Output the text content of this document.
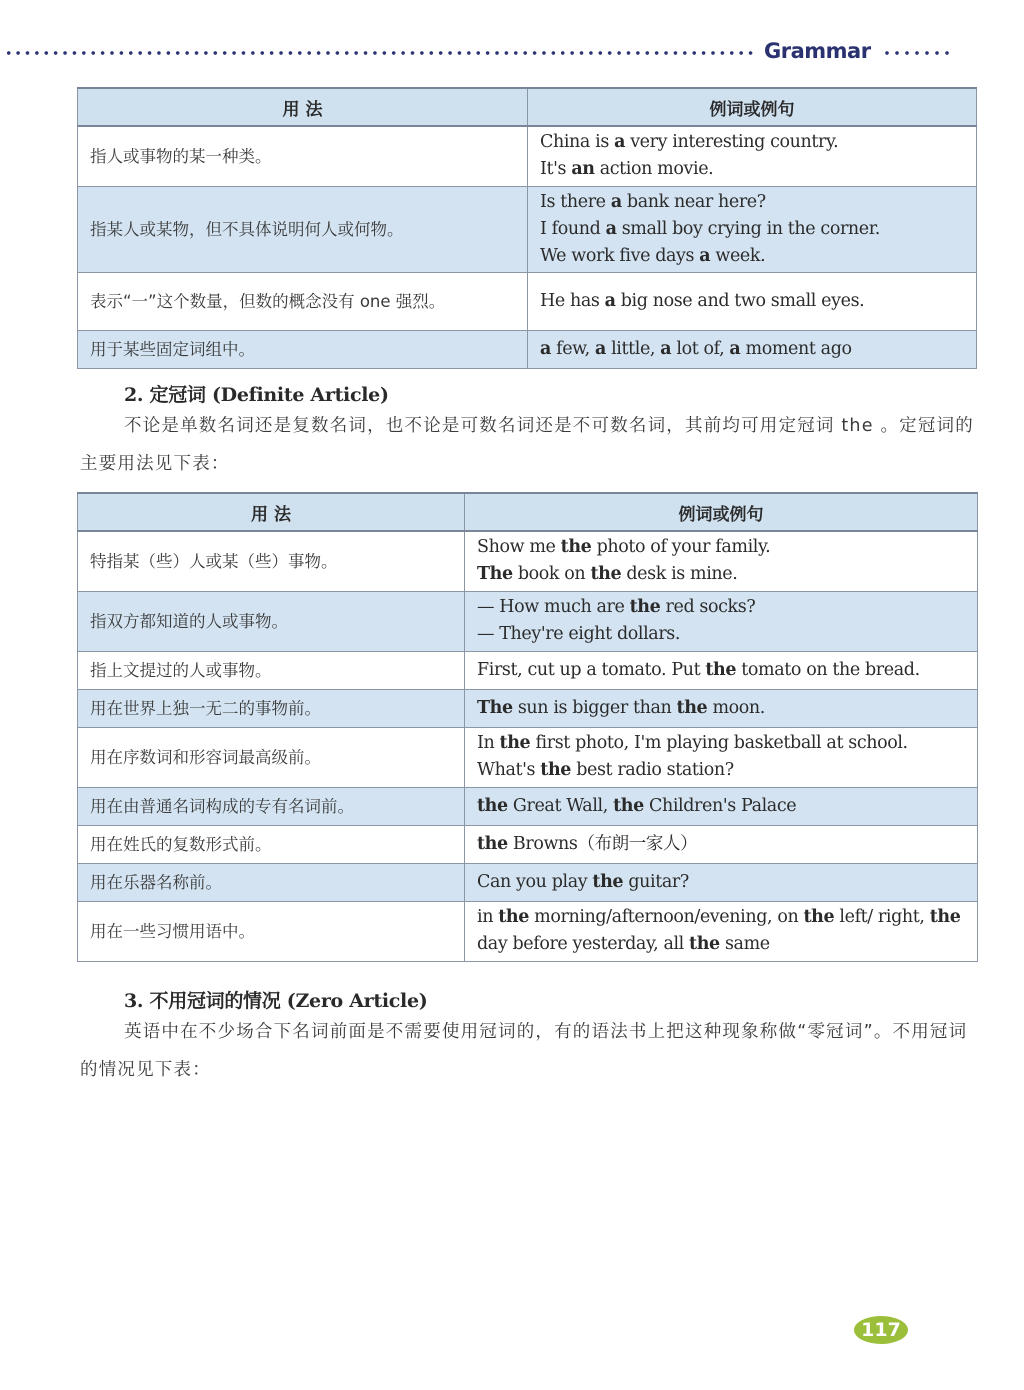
Grammar
用 法	例词或例句
指人或事物的某一种类。	China is a very interesting country.
It's an action movie.

指某人或某物，但不具体说明何人或何物。	Is there a bank near here?
I found a small boy crying in the corner.
We work five days a week.

表示“一”这个数量，但数的概念没有 one 强烈。	He has a big nose and two small eyes.

用于某些固定词组中。	a few, a little, a lot of, a moment ago
2. 定冠词 (Definite Article)
不论是单数名词还是复数名词，也不论是可数名词还是不可数名词，其前均可用定冠词 the 。定冠词的主要用法见下表：
用 法	例词或例句
特指某（些）人或某（些）事物。	Show me the photo of your family.
The book on the desk is mine.

指双方都知道的人或事物。	— How much are the red socks?
— They're eight dollars.

指上文提过的人或事物。	First, cut up a tomato. Put the tomato on the bread.

用在世界上独一无二的事物前。	The sun is bigger than the moon.

用在序数词和形容词最高级前。	In the first photo, I'm playing basketball at school.
What's the best radio station?

用在由普通名词构成的专有名词前。	the Great Wall, the Children's Palace

用在姓氏的复数形式前。	the Browns（布朗一家人）

用在乐器名称前。	Can you play the guitar?

用在一些习惯用语中。	in the morning/afternoon/evening, on the left/ right, the day before yesterday, all the same
3. 不用冠词的情况 (Zero Article)
英语中在不少场合下名词前面是不需要使用冠词的，有的语法书上把这种现象称做“零冠词”。不用冠词的情况见下表：
117
